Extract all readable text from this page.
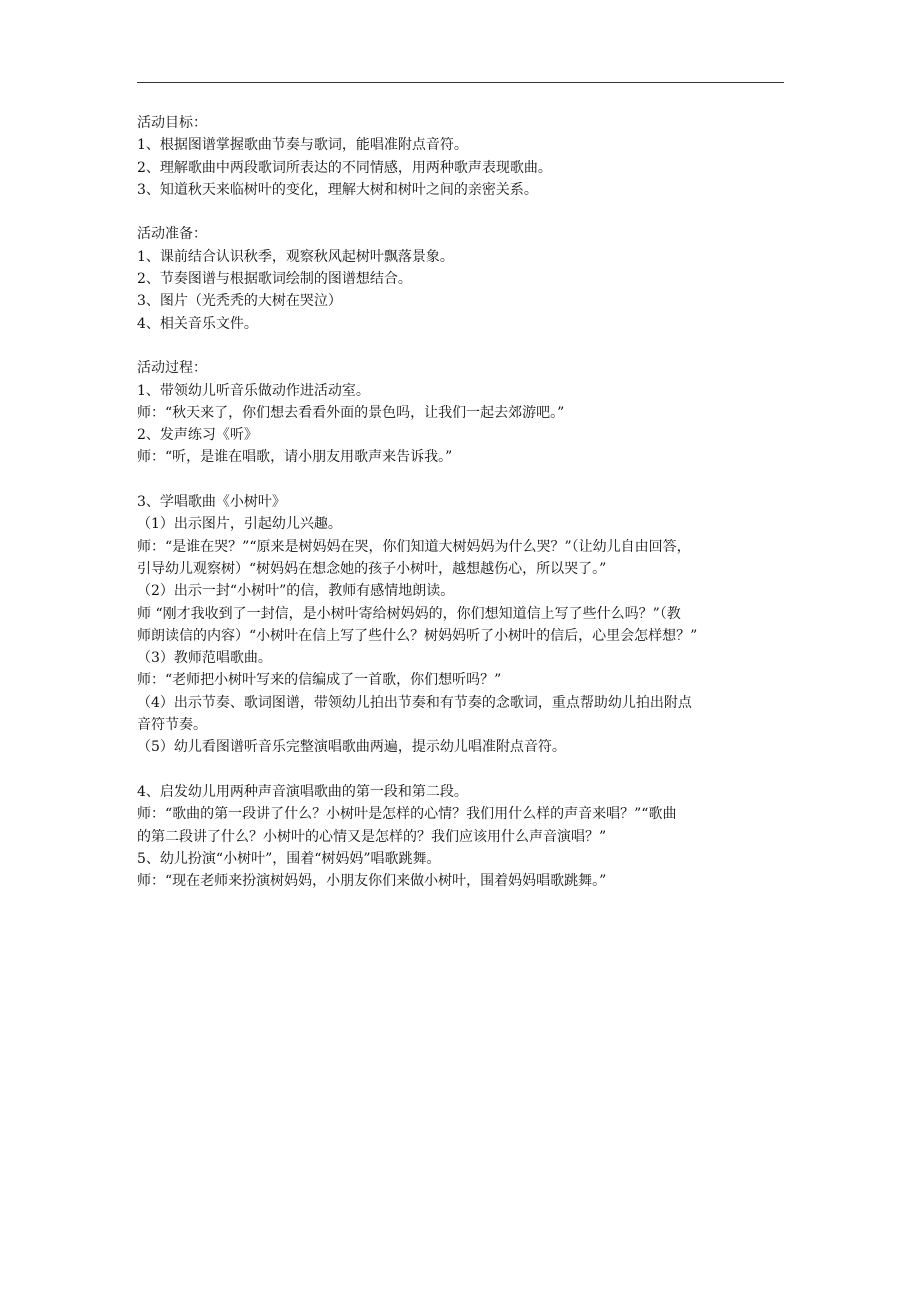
活动目标：
1、根据图谱掌握歌曲节奏与歌词，能唱准附点音符。
2、理解歌曲中两段歌词所表达的不同情感，用两种歌声表现歌曲。
3、知道秋天来临树叶的变化，理解大树和树叶之间的亲密关系。
活动准备：
1、课前结合认识秋季，观察秋风起树叶飘落景象。
2、节奏图谱与根据歌词绘制的图谱想结合。
3、图片（光秃秃的大树在哭泣）
4、相关音乐文件。
活动过程：
1、带领幼儿听音乐做动作进活动室。
师：“秋天来了，你们想去看看外面的景色吗，让我们一起去郊游吧。”
2、发声练习《听》
师：“听，是谁在唱歌，请小朋友用歌声来告诉我。”
3、学唱歌曲《小树叶》
（1）出示图片，引起幼儿兴趣。
师：“是谁在哭？”“原来是树妈妈在哭，你们知道大树妈妈为什么哭？”（让幼儿自由回答，
引导幼儿观察树）“树妈妈在想念她的孩子小树叶，越想越伤心，所以哭了。”
（2）出示一封“小树叶”的信，教师有感情地朗读。
师 “刚才我收到了一封信，是小树叶寄给树妈妈的，你们想知道信上写了些什么吗？”（教
师朗读信的内容）“小树叶在信上写了些什么？树妈妈听了小树叶的信后，心里会怎样想？”
（3）教师范唱歌曲。
师：“老师把小树叶写来的信编成了一首歌，你们想听吗？”
（4）出示节奏、歌词图谱，带领幼儿拍出节奏和有节奏的念歌词，重点帮助幼儿拍出附点
音符节奏。
（5）幼儿看图谱听音乐完整演唱歌曲两遍，提示幼儿唱准附点音符。
4、启发幼儿用两种声音演唱歌曲的第一段和第二段。
师：“歌曲的第一段讲了什么？小树叶是怎样的心情？我们用什么样的声音来唱？”“歌曲
的第二段讲了什么？小树叶的心情又是怎样的？我们应该用什么声音演唱？”
5、幼儿扮演“小树叶”，围着“树妈妈”唱歌跳舞。
师：“现在老师来扮演树妈妈，小朋友你们来做小树叶，围着妈妈唱歌跳舞。”
